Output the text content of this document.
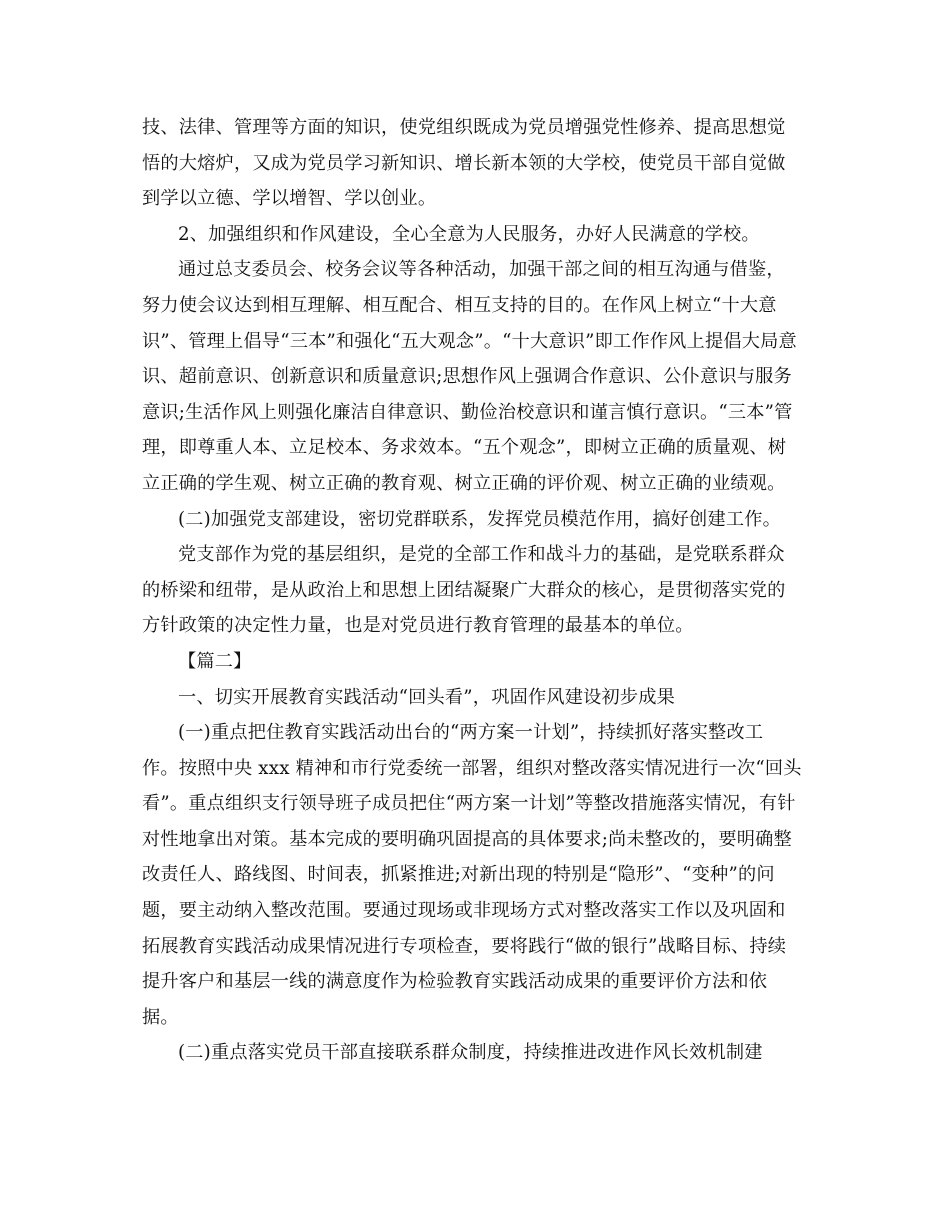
技、法律、管理等方面的知识，使党组织既成为党员增强党性修养、提高思想觉
悟的大熔炉，又成为党员学习新知识、增长新本领的大学校，使党员干部自觉做
到学以立德、学以增智、学以创业。
2、加强组织和作风建设，全心全意为人民服务，办好人民满意的学校。
通过总支委员会、校务会议等各种活动，加强干部之间的相互沟通与借鉴，
努力使会议达到相互理解、相互配合、相互支持的目的。在作风上树立“十大意
识”、管理上倡导“三本”和强化“五大观念”。“十大意识”即工作作风上提倡大局意
识、超前意识、创新意识和质量意识;思想作风上强调合作意识、公仆意识与服务
意识;生活作风上则强化廉洁自律意识、勤俭治校意识和谨言慎行意识。“三本”管
理，即尊重人本、立足校本、务求效本。“五个观念”，即树立正确的质量观、树
立正确的学生观、树立正确的教育观、树立正确的评价观、树立正确的业绩观。
(二)加强党支部建设，密切党群联系，发挥党员模范作用，搞好创建工作。
党支部作为党的基层组织，是党的全部工作和战斗力的基础，是党联系群众
的桥梁和纽带，是从政治上和思想上团结凝聚广大群众的核心，是贯彻落实党的
方针政策的决定性力量，也是对党员进行教育管理的最基本的单位。
【篇二】
一、切实开展教育实践活动“回头看”，巩固作风建设初步成果
(一)重点把住教育实践活动出台的“两方案一计划”，持续抓好落实整改工
作。按照中央 xxx 精神和市行党委统一部署，组织对整改落实情况进行一次“回头
看”。重点组织支行领导班子成员把住“两方案一计划”等整改措施落实情况，有针
对性地拿出对策。基本完成的要明确巩固提高的具体要求;尚未整改的，要明确整
改责任人、路线图、时间表，抓紧推进;对新出现的特别是“隐形”、“变种”的问
题，要主动纳入整改范围。要通过现场或非现场方式对整改落实工作以及巩固和
拓展教育实践活动成果情况进行专项检查，要将践行“做的银行”战略目标、持续
提升客户和基层一线的满意度作为检验教育实践活动成果的重要评价方法和依
据。
(二)重点落实党员干部直接联系群众制度，持续推进改进作风长效机制建
